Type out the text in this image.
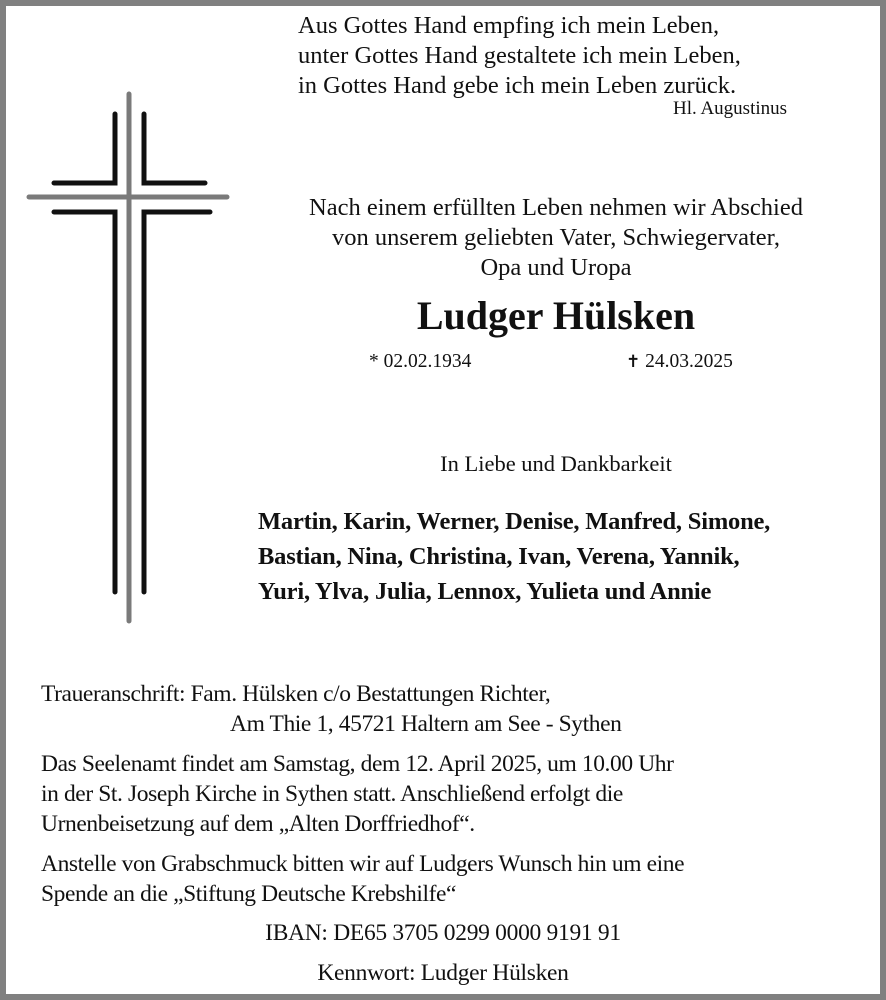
Aus Gottes Hand empfing ich mein Leben,
unter Gottes Hand gestaltete ich mein Leben,
in Gottes Hand gebe ich mein Leben zurück.
Hl. Augustinus
Nach einem erfüllten Leben nehmen wir Abschied
von unserem geliebten Vater, Schwiegervater,
Opa und Uropa
Ludger Hülsken
* 02.02.1934	✝ 24.03.2025
In Liebe und Dankbarkeit
Martin, Karin, Werner, Denise, Manfred, Simone,
Bastian, Nina, Christina, Ivan, Verena, Yannik,
Yuri, Ylva, Julia, Lennox, Yulieta und Annie
Traueranschrift: Fam. Hülsken c/o Bestattungen Richter,
Am Thie 1, 45721 Haltern am See - Sythen
Das Seelenamt findet am Samstag, dem 12. April 2025, um 10.00 Uhr
in der St. Joseph Kirche in Sythen statt. Anschließend erfolgt die
Urnenbeisetzung auf dem „Alten Dorffriedhof“.
Anstelle von Grabschmuck bitten wir auf Ludgers Wunsch hin um eine
Spende an die „Stiftung Deutsche Krebshilfe“
IBAN: DE65 3705 0299 0000 9191 91
Kennwort: Ludger Hülsken
